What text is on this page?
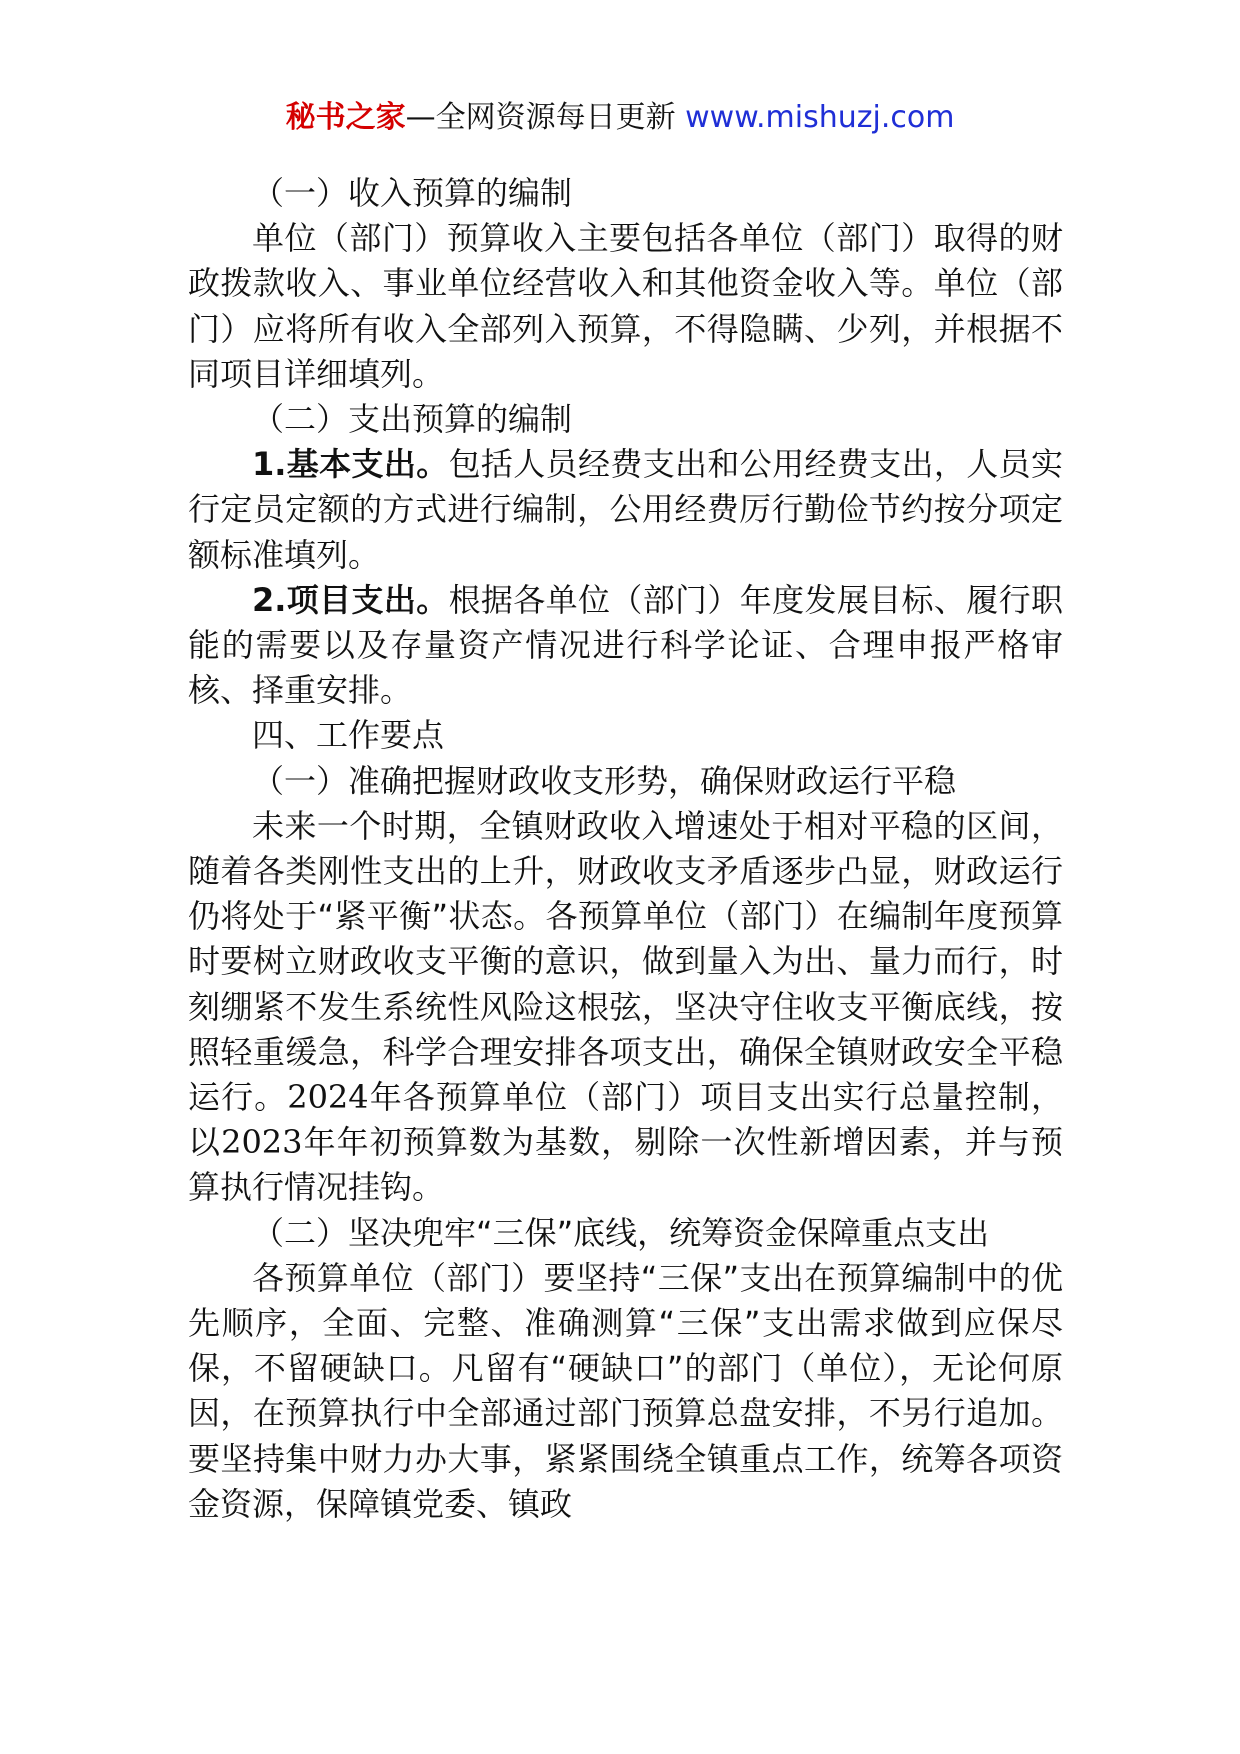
秘书之家—全网资源每日更新 www.mishuzj.com

（一）收入预算的编制

单位（部门）预算收入主要包括各单位（部门）取得的财政拨款收入、事业单位经营收入和其他资金收入等。单位（部门）应将所有收入全部列入预算，不得隐瞒、少列，并根据不同项目详细填列。

（二）支出预算的编制

1.基本支出。包括人员经费支出和公用经费支出，人员实行定员定额的方式进行编制，公用经费厉行勤俭节约按分项定额标准填列。

2.项目支出。根据各单位（部门）年度发展目标、履行职能的需要以及存量资产情况进行科学论证、合理申报严格审核、择重安排。

四、工作要点

（一）准确把握财政收支形势，确保财政运行平稳

未来一个时期，全镇财政收入增速处于相对平稳的区间，随着各类刚性支出的上升，财政收支矛盾逐步凸显，财政运行仍将处于“紧平衡”状态。各预算单位（部门）在编制年度预算时要树立财政收支平衡的意识，做到量入为出、量力而行，时刻绷紧不发生系统性风险这根弦，坚决守住收支平衡底线，按照轻重缓急，科学合理安排各项支出，确保全镇财政安全平稳运行。2024年各预算单位（部门）项目支出实行总量控制，以2023年年初预算数为基数，剔除一次性新增因素，并与预算执行情况挂钩。

（二）坚决兜牢“三保”底线，统筹资金保障重点支出

各预算单位（部门）要坚持“三保”支出在预算编制中的优先顺序，全面、完整、准确测算“三保”支出需求做到应保尽保，不留硬缺口。凡留有“硬缺口”的部门（单位），无论何原因，在预算执行中全部通过部门预算总盘安排，不另行追加。要坚持集中财力办大事，紧紧围绕全镇重点工作，统筹各项资金资源，保障镇党委、镇政
